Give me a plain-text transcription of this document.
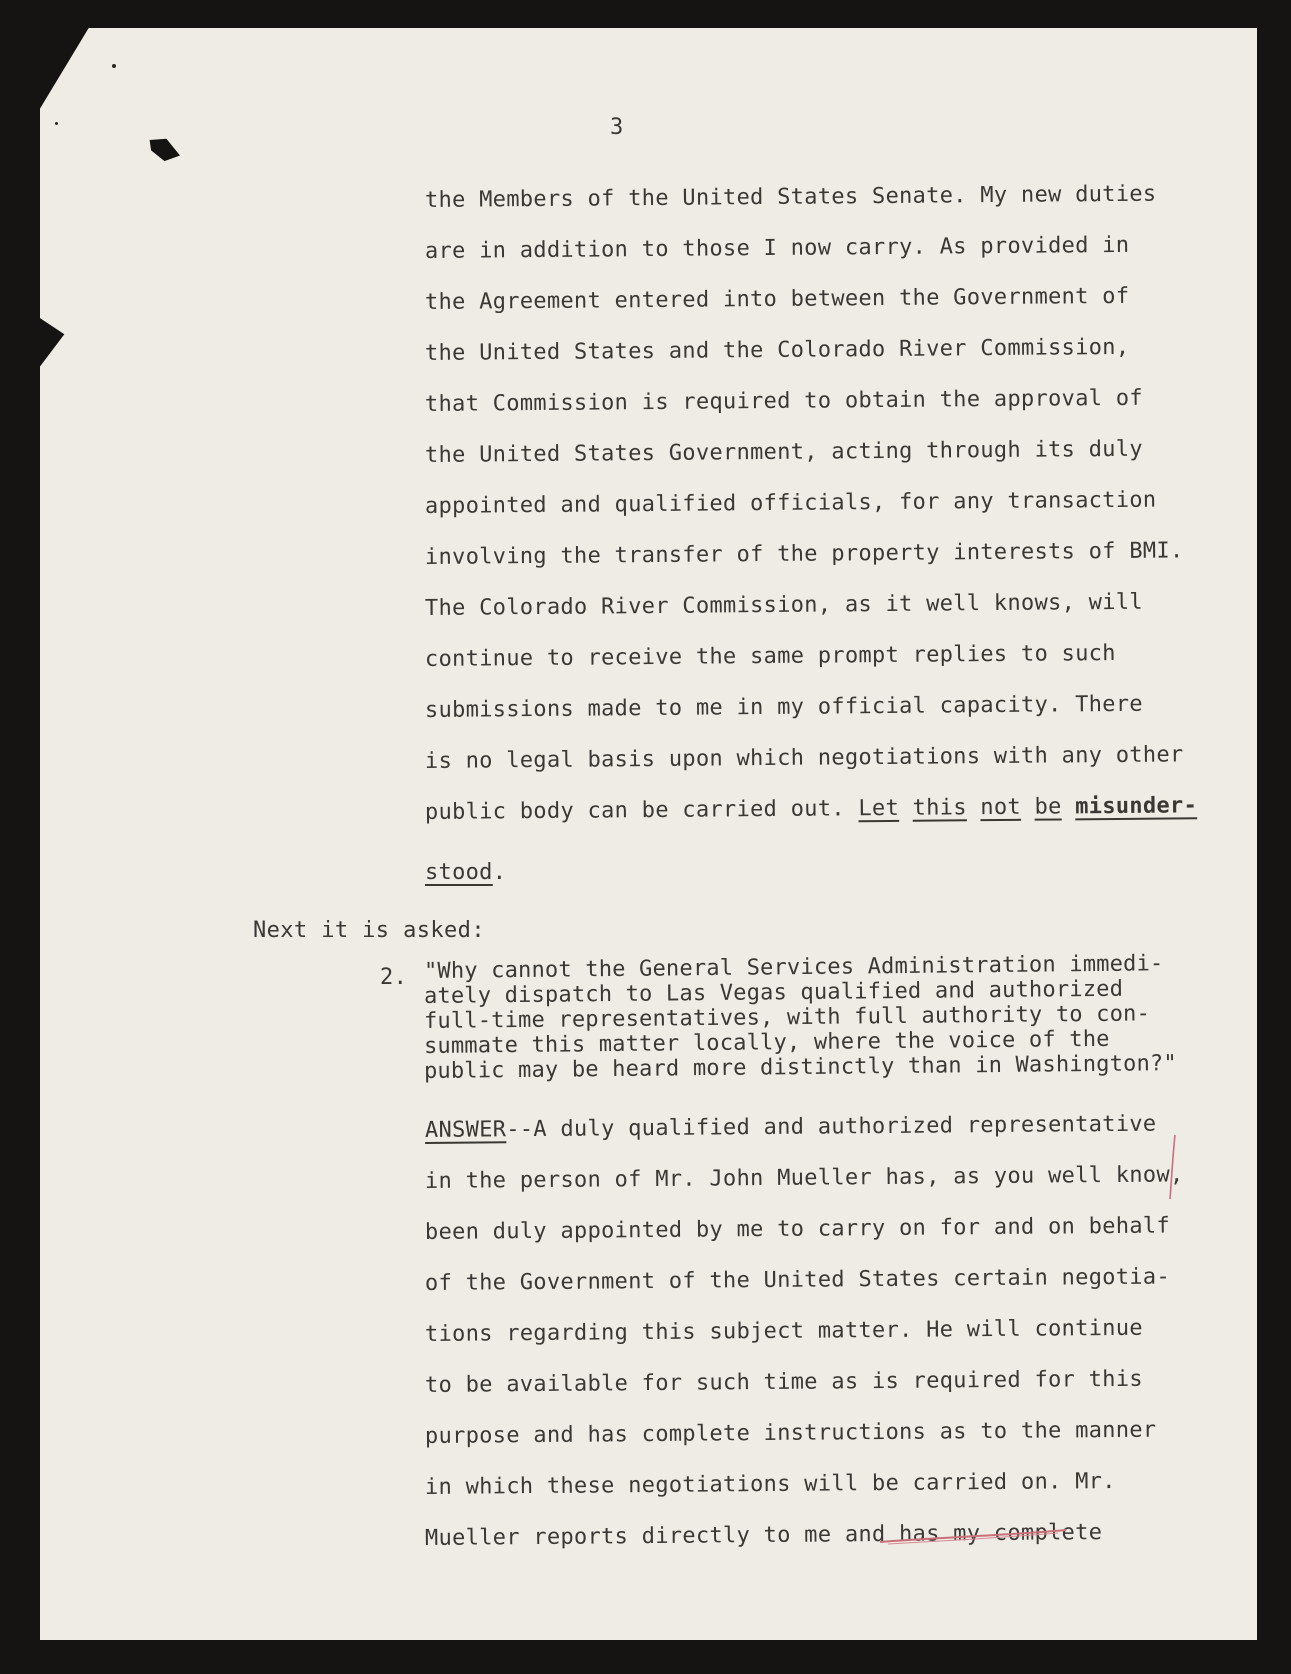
3
the Members of the United States Senate. My new duties
are in addition to those I now carry. As provided in
the Agreement entered into between the Government of
the United States and the Colorado River Commission,
that Commission is required to obtain the approval of
the United States Government, acting through its duly
appointed and qualified officials, for any transaction
involving the transfer of the property interests of BMI.
The Colorado River Commission, as it well knows, will
continue to receive the same prompt replies to such
submissions made to me in my official capacity. There
is no legal basis upon which negotiations with any other
public body can be carried out. Let this not be misunder-
stood.
Next it is asked:
2. "Why cannot the General Services Administration immedi-
ately dispatch to Las Vegas qualified and authorized
full-time representatives, with full authority to con-
summate this matter locally, where the voice of the
public may be heard more distinctly than in Washington?"
ANSWER--A duly qualified and authorized representative
in the person of Mr. John Mueller has, as you well know,
been duly appointed by me to carry on for and on behalf
of the Government of the United States certain negotia-
tions regarding this subject matter. He will continue
to be available for such time as is required for this
purpose and has complete instructions as to the manner
in which these negotiations will be carried on. Mr.
Mueller reports directly to me and has my complete
